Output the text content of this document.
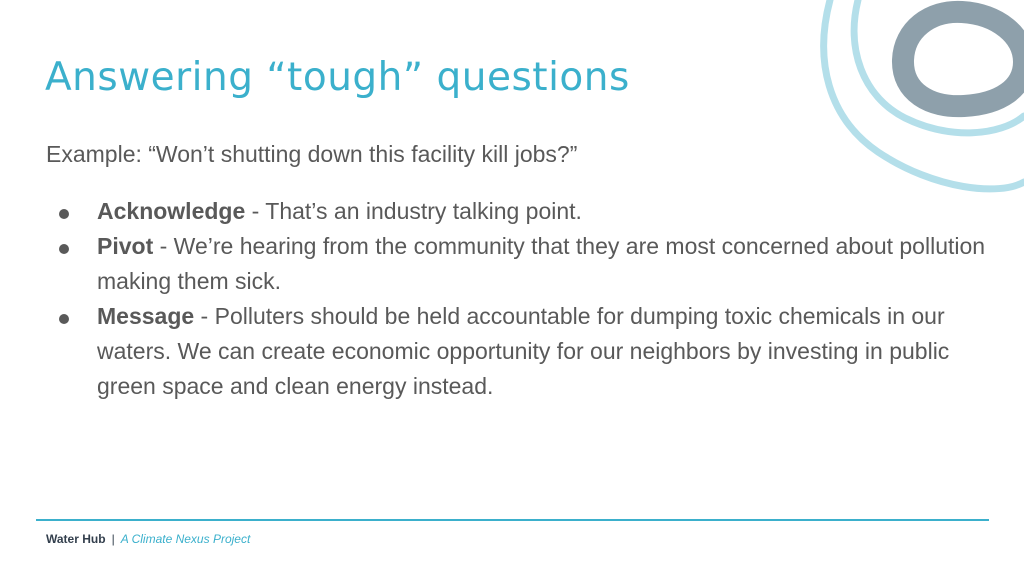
Answering “tough” questions

Example: “Won’t shutting down this facility kill jobs?”

Acknowledge - That’s an industry talking point.
Pivot - We’re hearing from the community that they are most concerned about pollution making them sick.
Message - Polluters should be held accountable for dumping toxic chemicals in our waters. We can create economic opportunity for our neighbors by investing in public green space and clean energy instead.
Water Hub | A Climate Nexus Project
